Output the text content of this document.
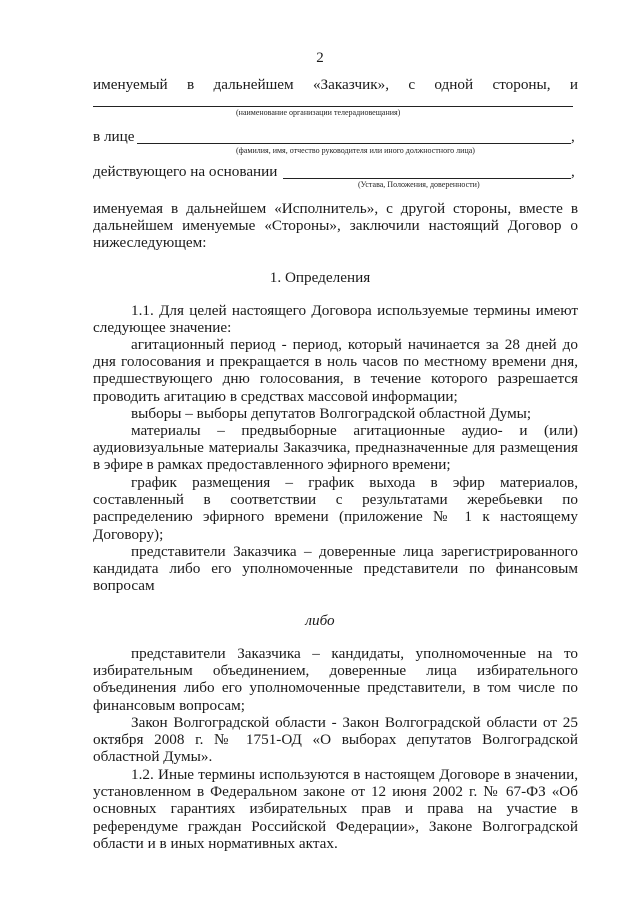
2
именуемый в дальнейшем «Заказчик», с одной стороны, и
(наименование организации телерадиовещания)
в лице	,
(фамилия, имя, отчество руководителя или иного должностного лица)
действующего на основании	,
(Устава, Положения, доверенности)
именуемая в дальнейшем «Исполнитель», с другой стороны, вместе в дальнейшем именуемые «Стороны», заключили настоящий Договор о нижеследующем:
1. Определения
1.1. Для целей настоящего Договора используемые термины имеют следующее значение:
агитационный период - период, который начинается за 28 дней до дня голосования и прекращается в ноль часов по местному времени дня, предшествующего дню голосования, в течение которого разрешается проводить агитацию в средствах массовой информации;
выборы – выборы депутатов Волгоградской областной Думы;
материалы – предвыборные агитационные аудио- и (или) аудиовизуальные материалы Заказчика, предназначенные для размещения в эфире в рамках предоставленного эфирного времени;
график размещения – график выхода в эфир материалов, составленный в соответствии с результатами жеребьевки по распределению эфирного времени (приложение № 1 к настоящему Договору);
представители Заказчика – доверенные лица зарегистрированного кандидата либо его уполномоченные представители по финансовым вопросам
либо
представители Заказчика – кандидаты, уполномоченные на то избирательным объединением, доверенные лица избирательного объединения либо его уполномоченные представители, в том числе по финансовым вопросам;
Закон Волгоградской области - Закон Волгоградской области от 25 октября 2008 г. № 1751-ОД «О выборах депутатов Волгоградской областной Думы».
1.2. Иные термины используются в настоящем Договоре в значении, установленном в Федеральном законе от 12 июня 2002 г. № 67-ФЗ «Об основных гарантиях избирательных прав и права на участие в референдуме граждан Российской Федерации», Законе Волгоградской области и в иных нормативных актах.
